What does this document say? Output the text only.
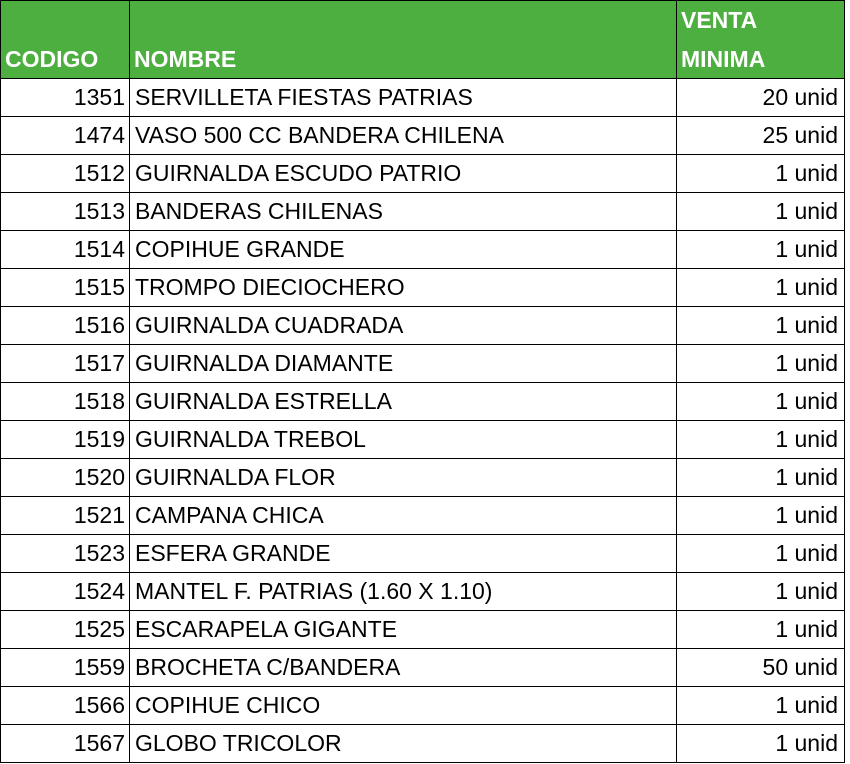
		VENTA
CODIGO	NOMBRE	MINIMA
1351	SERVILLETA FIESTAS PATRIAS	20 unid
1474	VASO 500 CC BANDERA CHILENA	25 unid
1512	GUIRNALDA ESCUDO PATRIO	1 unid
1513	BANDERAS CHILENAS	1 unid
1514	COPIHUE GRANDE	1 unid
1515	TROMPO DIECIOCHERO	1 unid
1516	GUIRNALDA CUADRADA	1 unid
1517	GUIRNALDA DIAMANTE	1 unid
1518	GUIRNALDA ESTRELLA	1 unid
1519	GUIRNALDA TREBOL	1 unid
1520	GUIRNALDA FLOR	1 unid
1521	CAMPANA CHICA	1 unid
1523	ESFERA GRANDE	1 unid
1524	MANTEL F. PATRIAS (1.60 X 1.10)	1 unid
1525	ESCARAPELA GIGANTE	1 unid
1559	BROCHETA C/BANDERA	50 unid
1566	COPIHUE CHICO	1 unid
1567	GLOBO TRICOLOR	1 unid
